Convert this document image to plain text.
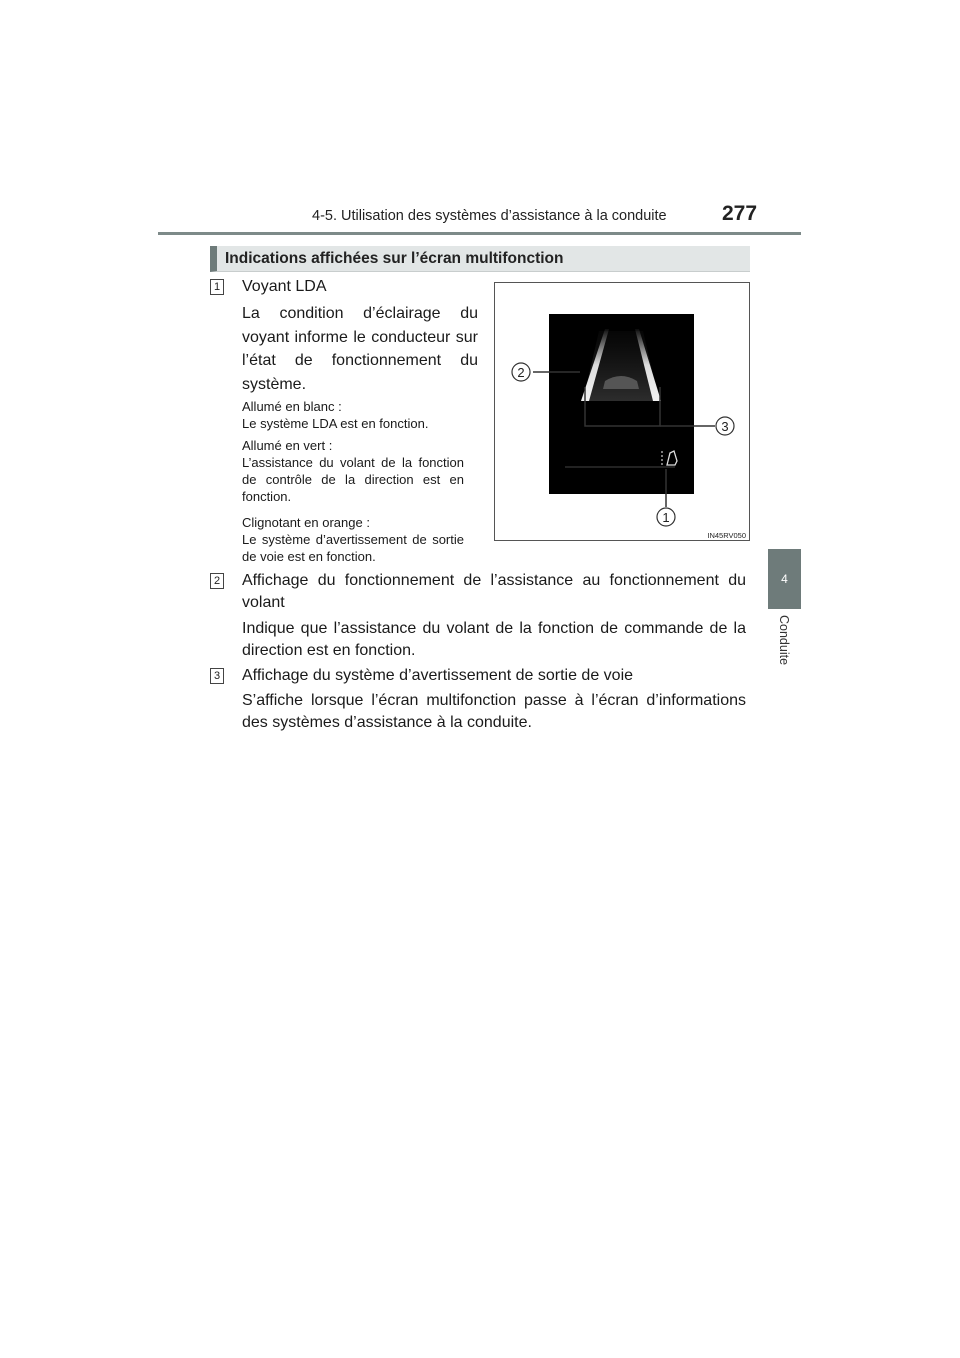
4-5. Utilisation des systèmes d’assistance à la conduite	277
4
Conduite
Indications affichées sur l’écran multifonction
1 Voyant LDA
La condition d’éclairage du voyant informe le conducteur sur l’état de fonctionnement du système.
Allumé en blanc :
Le système LDA est en fonction.
Allumé en vert :
L’assistance du volant de la fonction de contrôle de la direction est en fonction.
Clignotant en orange :
Le système d’avertissement de sortie de voie est en fonction.
2
3
1
IN45RV050
2 Affichage du fonctionnement de l’assistance au fonctionnement du volant
Indique que l’assistance du volant de la fonction de commande de la direction est en fonction.
3 Affichage du système d’avertissement de sortie de voie
S’affiche lorsque l’écran multifonction passe à l’écran d’informations des systèmes d’assistance à la conduite.
